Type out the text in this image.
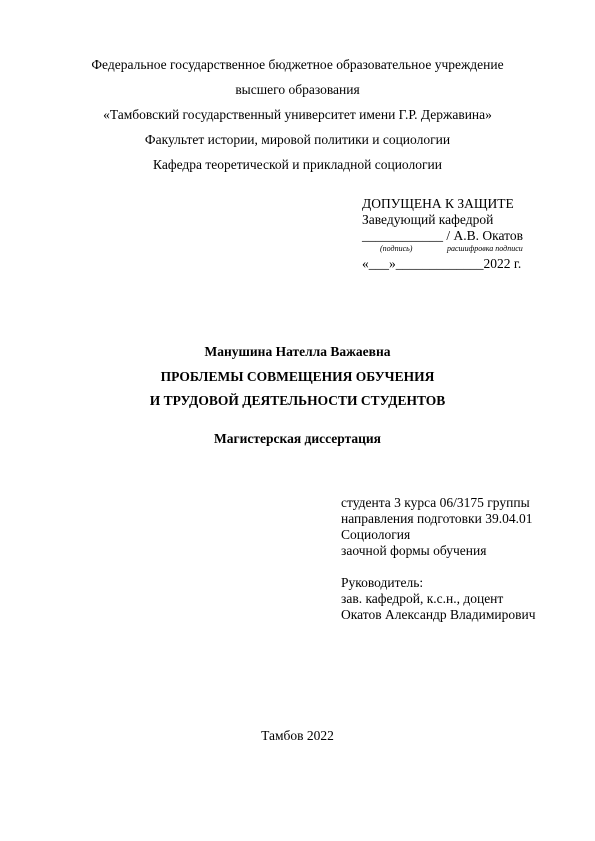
Федеральное государственное бюджетное образовательное учреждение
высшего образования
«Тамбовский государственный университет имени Г.Р. Державина»
Факультет истории, мировой политики и социологии
Кафедра теоретической и прикладной социологии
ДОПУЩЕНА К ЗАЩИТЕ
Заведующий кафедрой
____________ / А.В. Окатов
(подпись)	расшифровка подписи
«___»_____________2022 г.
Манушина Нателла Важаевна
ПРОБЛЕМЫ СОВМЕЩЕНИЯ ОБУЧЕНИЯ
И ТРУДОВОЙ ДЕЯТЕЛЬНОСТИ СТУДЕНТОВ
Магистерская диссертация
студента 3 курса 06/3175 группы
направления подготовки 39.04.01
Социология
заочной формы обучения
Руководитель:
зав. кафедрой, к.с.н., доцент
Окатов Александр Владимирович
Тамбов 2022
